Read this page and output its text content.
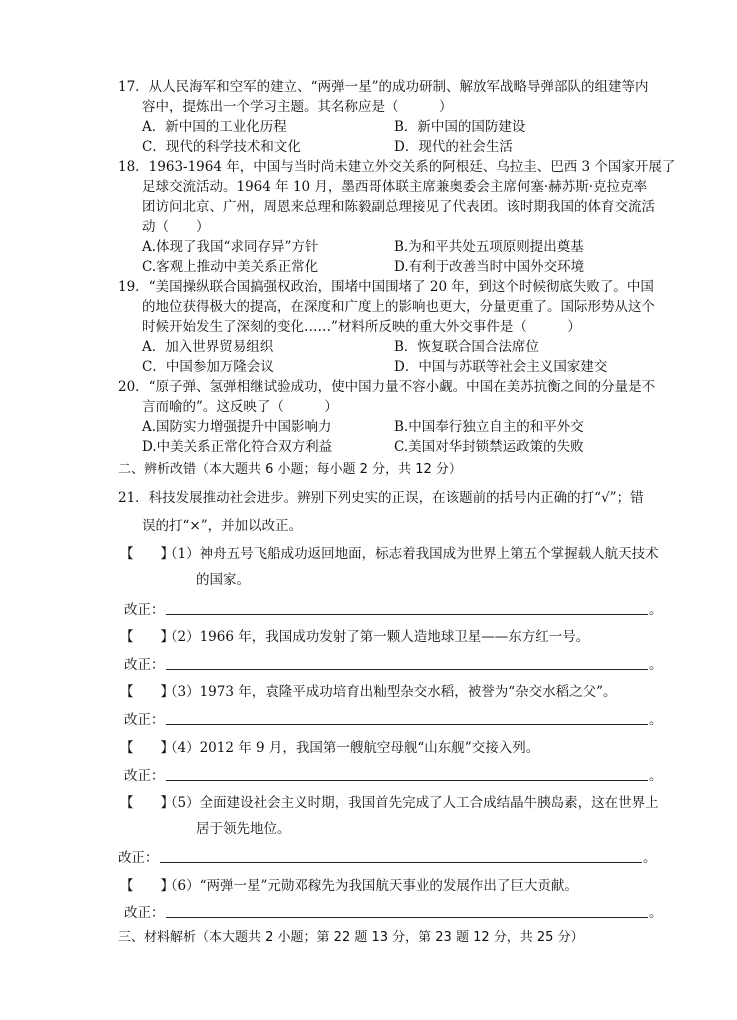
17．从人民海军和空军的建立、“两弹一星”的成功研制、解放军战略导弹部队的组建等内
容中，提炼出一个学习主题。其名称应是（　　　）
A．新中国的工业化历程	B．新中国的国防建设
C．现代的科学技术和文化	D．现代的社会生活
18．1963-1964 年，中国与当时尚未建立外交关系的阿根廷、乌拉圭、巴西 3 个国家开展了
足球交流活动。1964 年 10 月，墨西哥体联主席兼奥委会主席何塞·赫苏斯·克拉克率
团访问北京、广州，周恩来总理和陈毅副总理接见了代表团。该时期我国的体育交流活
动（　　）
A.体现了我国“求同存异”方针	B.为和平共处五项原则提出奠基
C.客观上推动中美关系正常化	D.有利于改善当时中国外交环境
19．“美国操纵联合国搞强权政治，围堵中国围堵了 20 年，到这个时候彻底失败了。中国
的地位获得极大的提高，在深度和广度上的影响也更大，分量更重了。国际形势从这个
时候开始发生了深刻的变化……”材料所反映的重大外交事件是（　　　）
A．加入世界贸易组织	B．恢复联合国合法席位
C．中国参加万隆会议	D．中国与苏联等社会主义国家建交
20．“原子弹、氢弹相继试验成功，使中国力量不容小觑。中国在美苏抗衡之间的分量是不
言而喻的”。这反映了（　　　）
A.国防实力增强提升中国影响力	B.中国奉行独立自主的和平外交
D.中美关系正常化符合双方利益	C.美国对华封锁禁运政策的失败
二、辨析改错（本大题共 6 小题；每小题 2 分，共 12 分）
21．科技发展推动社会进步。辨别下列史实的正误，在该题前的括号内正确的打“√”；错
误的打“×”，并加以改正。
【　　】
（1）神舟五号飞船成功返回地面，标志着我国成为世界上第五个掌握载人航天技术
的国家。
改正：	。
【　　】
（2）1966 年，我国成功发射了第一颗人造地球卫星——东方红一号。
改正：	。
【　　】
（3）1973 年，袁隆平成功培育出籼型杂交水稻，被誉为“杂交水稻之父”。
改正：	。
【　　】
（4）2012 年 9 月，我国第一艘航空母舰“山东舰”交接入列。
改正：	。
【　　】
（5）全面建设社会主义时期，我国首先完成了人工合成结晶牛胰岛素，这在世界上
居于领先地位。
改正：	。
【　　】
（6）“两弹一星”元勋邓稼先为我国航天事业的发展作出了巨大贡献。
改正：	。
三、材料解析（本大题共 2 小题；第 22 题 13 分，第 23 题 12 分，共 25 分）
